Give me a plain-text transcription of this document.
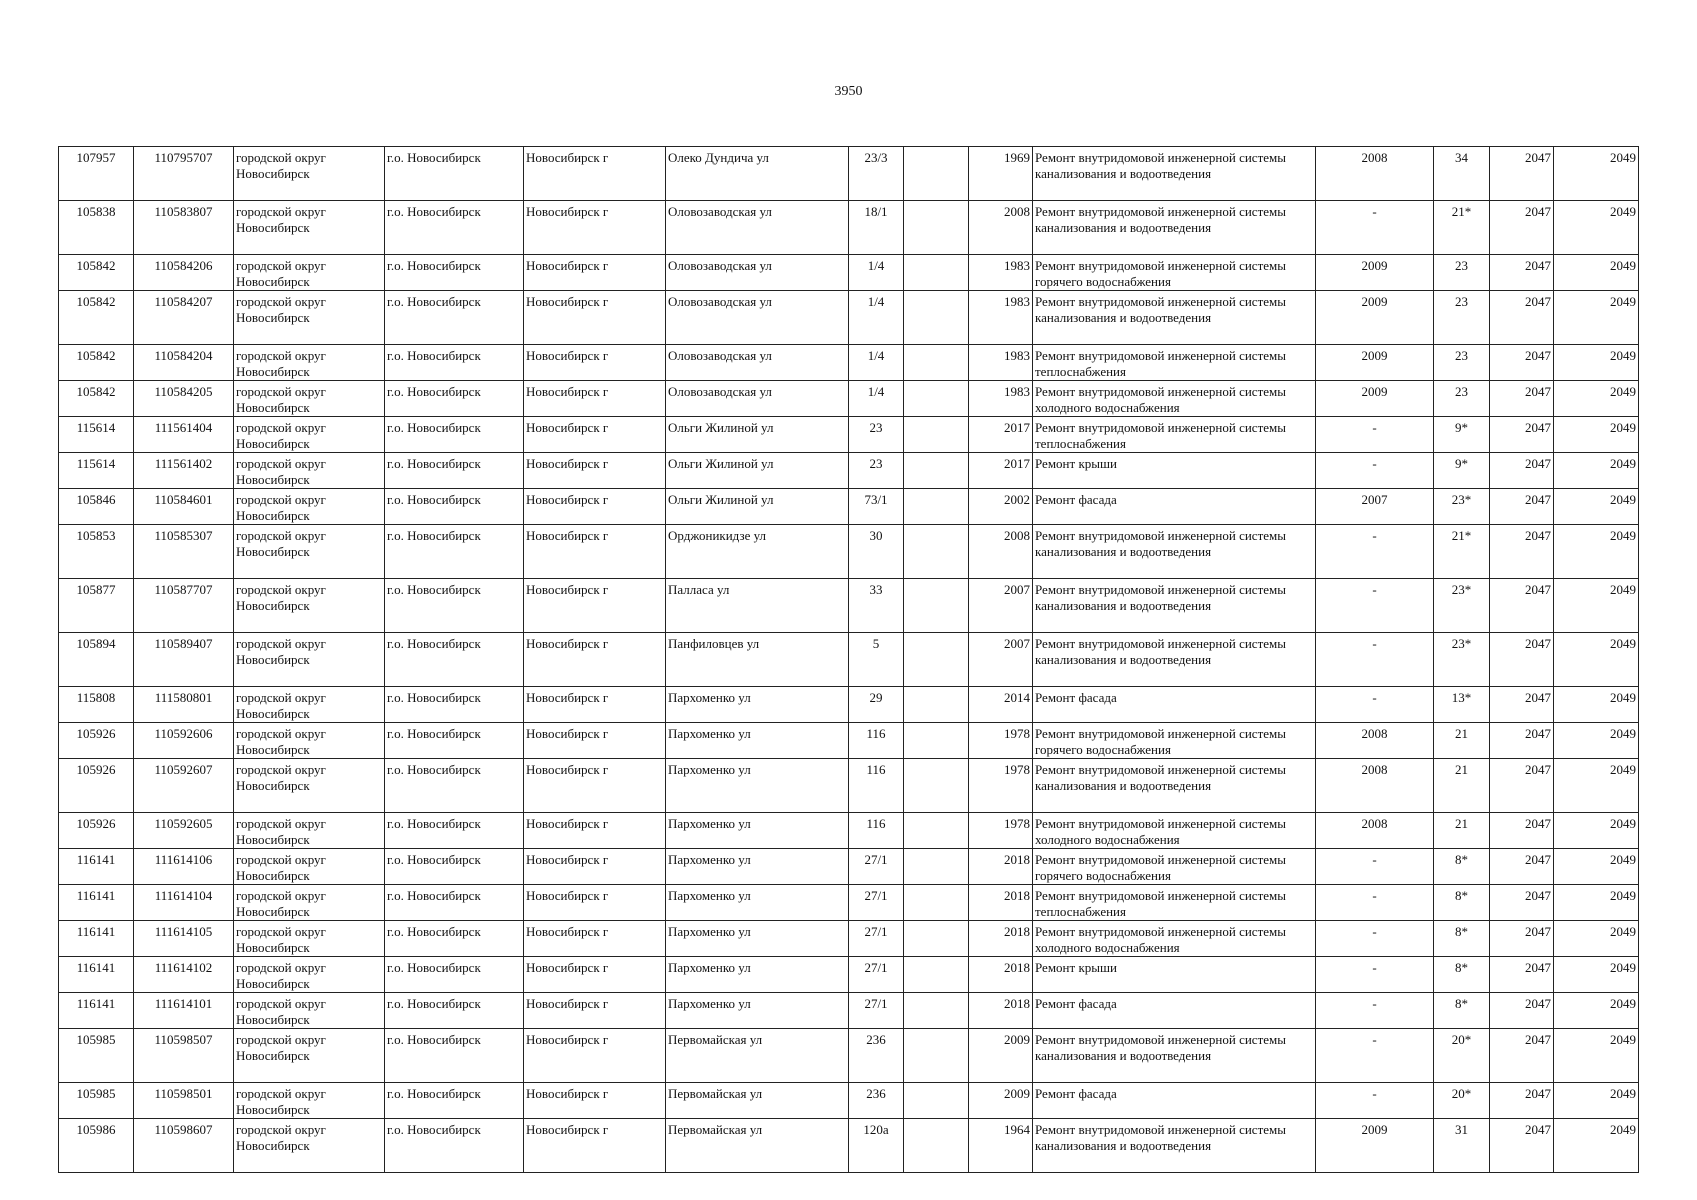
3950
107957	110795707	городской округ Новосибирск	г.о. Новосибирск	Новосибирск г	Олеко Дундича ул	23/3		1969	Ремонт внутридомовой инженерной системы канализования и водоотведения	2008	34	2047	2049
105838	110583807	городской округ Новосибирск	г.о. Новосибирск	Новосибирск г	Оловозаводская ул	18/1		2008	Ремонт внутридомовой инженерной системы канализования и водоотведения	-	21*	2047	2049
105842	110584206	городской округ Новосибирск	г.о. Новосибирск	Новосибирск г	Оловозаводская ул	1/4		1983	Ремонт внутридомовой инженерной системы горячего водоснабжения	2009	23	2047	2049
105842	110584207	городской округ Новосибирск	г.о. Новосибирск	Новосибирск г	Оловозаводская ул	1/4		1983	Ремонт внутридомовой инженерной системы канализования и водоотведения	2009	23	2047	2049
105842	110584204	городской округ Новосибирск	г.о. Новосибирск	Новосибирск г	Оловозаводская ул	1/4		1983	Ремонт внутридомовой инженерной системы теплоснабжения	2009	23	2047	2049
105842	110584205	городской округ Новосибирск	г.о. Новосибирск	Новосибирск г	Оловозаводская ул	1/4		1983	Ремонт внутридомовой инженерной системы холодного водоснабжения	2009	23	2047	2049
115614	111561404	городской округ Новосибирск	г.о. Новосибирск	Новосибирск г	Ольги Жилиной ул	23		2017	Ремонт внутридомовой инженерной системы теплоснабжения	-	9*	2047	2049
115614	111561402	городской округ Новосибирск	г.о. Новосибирск	Новосибирск г	Ольги Жилиной ул	23		2017	Ремонт крыши	-	9*	2047	2049
105846	110584601	городской округ Новосибирск	г.о. Новосибирск	Новосибирск г	Ольги Жилиной ул	73/1		2002	Ремонт фасада	2007	23*	2047	2049
105853	110585307	городской округ Новосибирск	г.о. Новосибирск	Новосибирск г	Орджоникидзе ул	30		2008	Ремонт внутридомовой инженерной системы канализования и водоотведения	-	21*	2047	2049
105877	110587707	городской округ Новосибирск	г.о. Новосибирск	Новосибирск г	Палласа ул	33		2007	Ремонт внутридомовой инженерной системы канализования и водоотведения	-	23*	2047	2049
105894	110589407	городской округ Новосибирск	г.о. Новосибирск	Новосибирск г	Панфиловцев ул	5		2007	Ремонт внутридомовой инженерной системы канализования и водоотведения	-	23*	2047	2049
115808	111580801	городской округ Новосибирск	г.о. Новосибирск	Новосибирск г	Пархоменко ул	29		2014	Ремонт фасада	-	13*	2047	2049
105926	110592606	городской округ Новосибирск	г.о. Новосибирск	Новосибирск г	Пархоменко ул	116		1978	Ремонт внутридомовой инженерной системы горячего водоснабжения	2008	21	2047	2049
105926	110592607	городской округ Новосибирск	г.о. Новосибирск	Новосибирск г	Пархоменко ул	116		1978	Ремонт внутридомовой инженерной системы канализования и водоотведения	2008	21	2047	2049
105926	110592605	городской округ Новосибирск	г.о. Новосибирск	Новосибирск г	Пархоменко ул	116		1978	Ремонт внутридомовой инженерной системы холодного водоснабжения	2008	21	2047	2049
116141	111614106	городской округ Новосибирск	г.о. Новосибирск	Новосибирск г	Пархоменко ул	27/1		2018	Ремонт внутридомовой инженерной системы горячего водоснабжения	-	8*	2047	2049
116141	111614104	городской округ Новосибирск	г.о. Новосибирск	Новосибирск г	Пархоменко ул	27/1		2018	Ремонт внутридомовой инженерной системы теплоснабжения	-	8*	2047	2049
116141	111614105	городской округ Новосибирск	г.о. Новосибирск	Новосибирск г	Пархоменко ул	27/1		2018	Ремонт внутридомовой инженерной системы холодного водоснабжения	-	8*	2047	2049
116141	111614102	городской округ Новосибирск	г.о. Новосибирск	Новосибирск г	Пархоменко ул	27/1		2018	Ремонт крыши	-	8*	2047	2049
116141	111614101	городской округ Новосибирск	г.о. Новосибирск	Новосибирск г	Пархоменко ул	27/1		2018	Ремонт фасада	-	8*	2047	2049
105985	110598507	городской округ Новосибирск	г.о. Новосибирск	Новосибирск г	Первомайская ул	236		2009	Ремонт внутридомовой инженерной системы канализования и водоотведения	-	20*	2047	2049
105985	110598501	городской округ Новосибирск	г.о. Новосибирск	Новосибирск г	Первомайская ул	236		2009	Ремонт фасада	-	20*	2047	2049
105986	110598607	городской округ Новосибирск	г.о. Новосибирск	Новосибирск г	Первомайская ул	120а		1964	Ремонт внутридомовой инженерной системы канализования и водоотведения	2009	31	2047	2049
